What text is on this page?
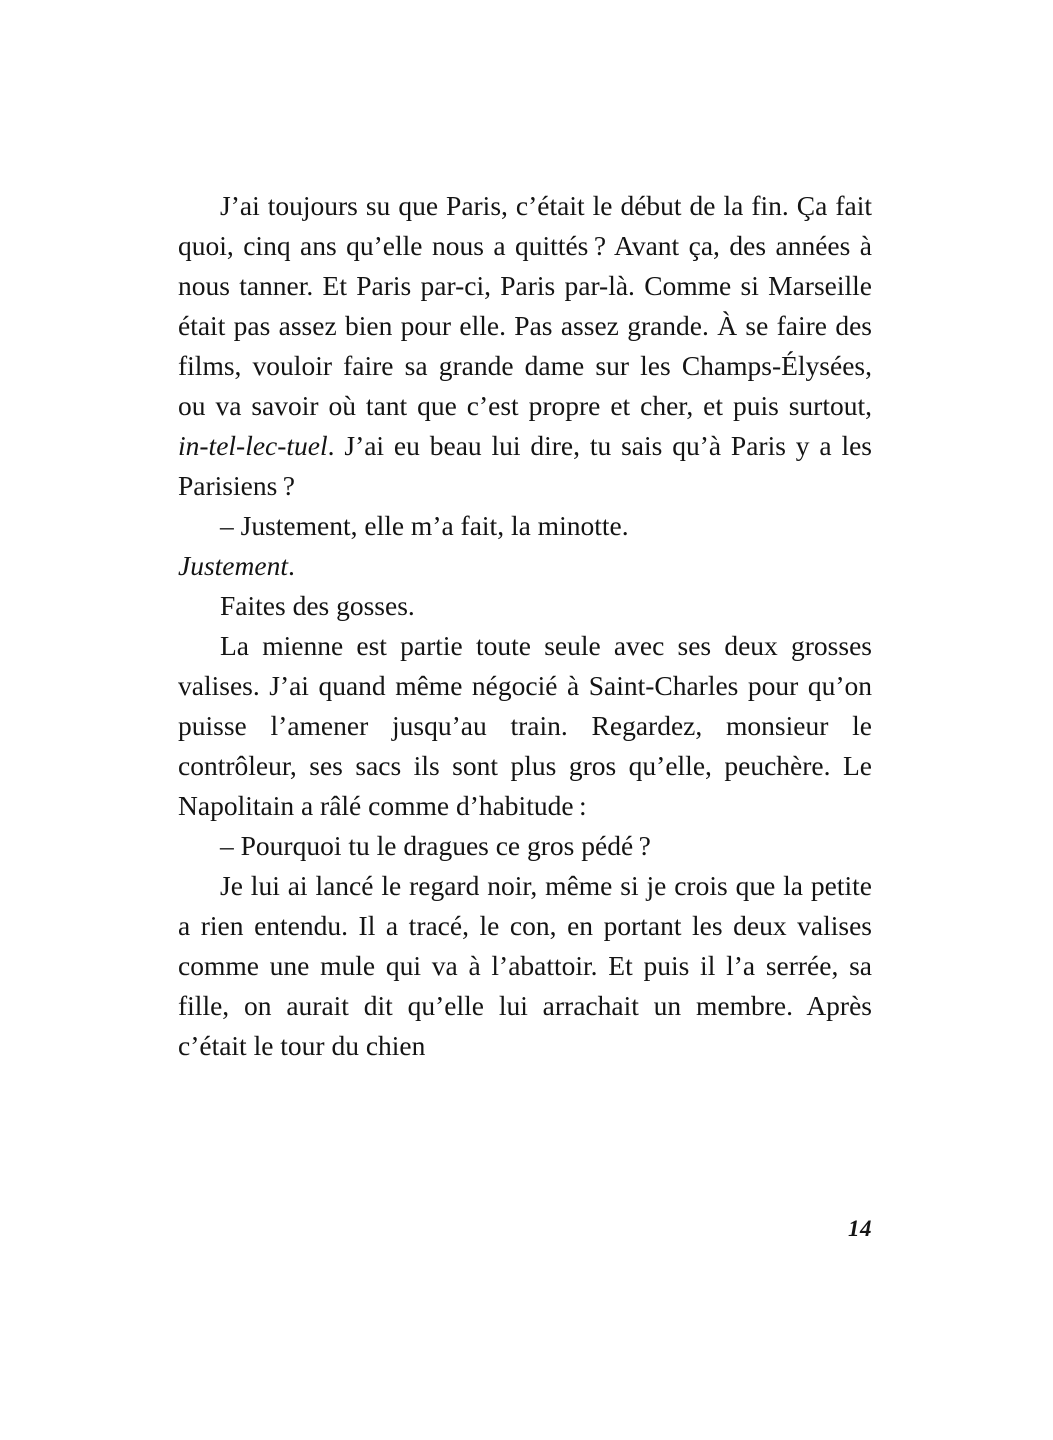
J’ai toujours su que Paris, c’était le début de la fin. Ça fait quoi, cinq ans qu’elle nous a quittés ? Avant ça, des années à nous tanner. Et Paris par-ci, Paris par-là. Comme si Marseille était pas assez bien pour elle. Pas assez grande. À se faire des films, vouloir faire sa grande dame sur les Champs-Élysées, ou va savoir où tant que c’est propre et cher, et puis surtout, in-tel-lec-tuel. J’ai eu beau lui dire, tu sais qu’à Paris y a les Parisiens ?

– Justement, elle m’a fait, la minotte.

Justement.

Faites des gosses.

La mienne est partie toute seule avec ses deux grosses valises. J’ai quand même négocié à Saint-Charles pour qu’on puisse l’amener jusqu’au train. Regardez, monsieur le contrôleur, ses sacs ils sont plus gros qu’elle, peuchère. Le Napolitain a râlé comme d’habitude :

– Pourquoi tu le dragues ce gros pédé ?

Je lui ai lancé le regard noir, même si je crois que la petite a rien entendu. Il a tracé, le con, en portant les deux valises comme une mule qui va à l’abattoir. Et puis il l’a serrée, sa fille, on aurait dit qu’elle lui arrachait un membre. Après c’était le tour du chien

14
